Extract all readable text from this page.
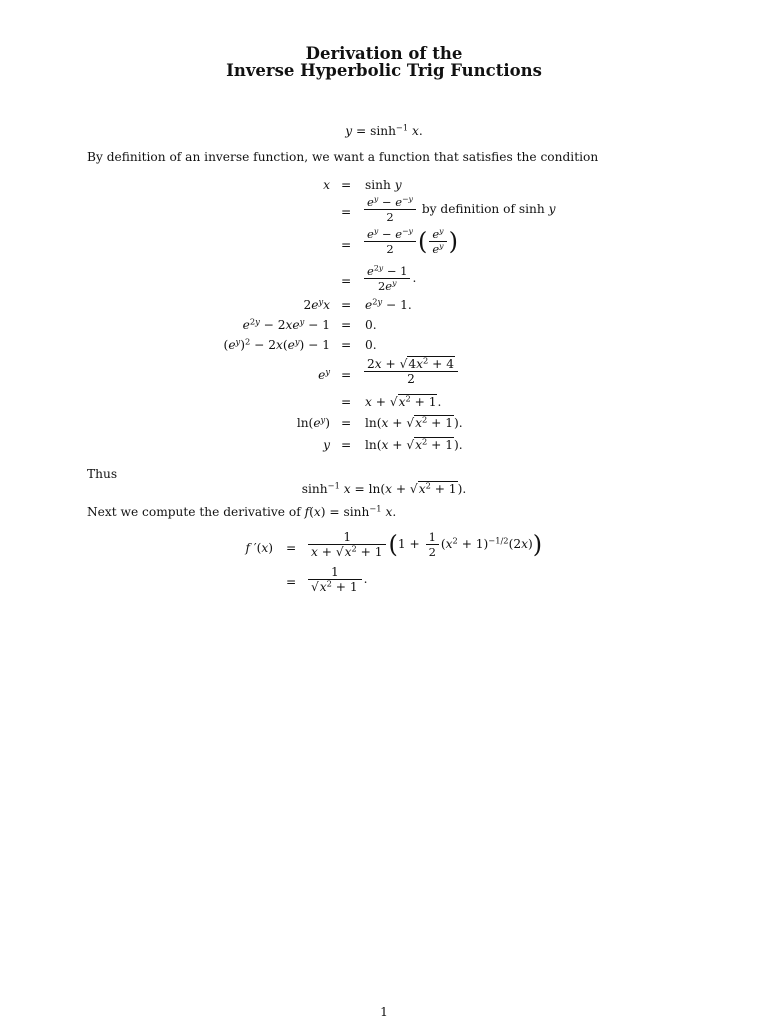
Derivation of the
Inverse Hyperbolic Trig Functions
$y = \sinh^{-1} x$.
By definition of an inverse function, we want a function that satisfies the condition
x = sinh y
= $\frac{e^y - e^{-y}}{2}$ by definition of sinh y
= $\frac{e^y - e^{-y}}{2}$ ( $\frac{e^y}{e^y}$ )
= $\frac{e^{2y} - 1}{2e^y}$ .
$2e^yx = e^{2y} - 1$.
$e^{2y} - 2xe^y - 1 = 0$.
$(e^y)^2 - 2x(e^y) - 1 = 0$.
$e^y = \frac{2x + √4x^2 + 4}{2}$
= $x + √x^2 + 1$.
$\ln(e^y) = \ln(x + √x^2 + 1)$.
$y = \ln(x + √x^2 + 1)$.
Thus
$\sinh^{-1} x = \ln(x + √x^2 + 1)$.
Next we compute the derivative of $f(x) = \sinh^{-1} x$.
f $'(x) = \frac{1}{x + √x^2 + 1} (1 + \frac{1}{2} (x^2 + 1)^{-1/2}(2x))$
= $\frac{1}{√x^2 + 1}$ .
1
